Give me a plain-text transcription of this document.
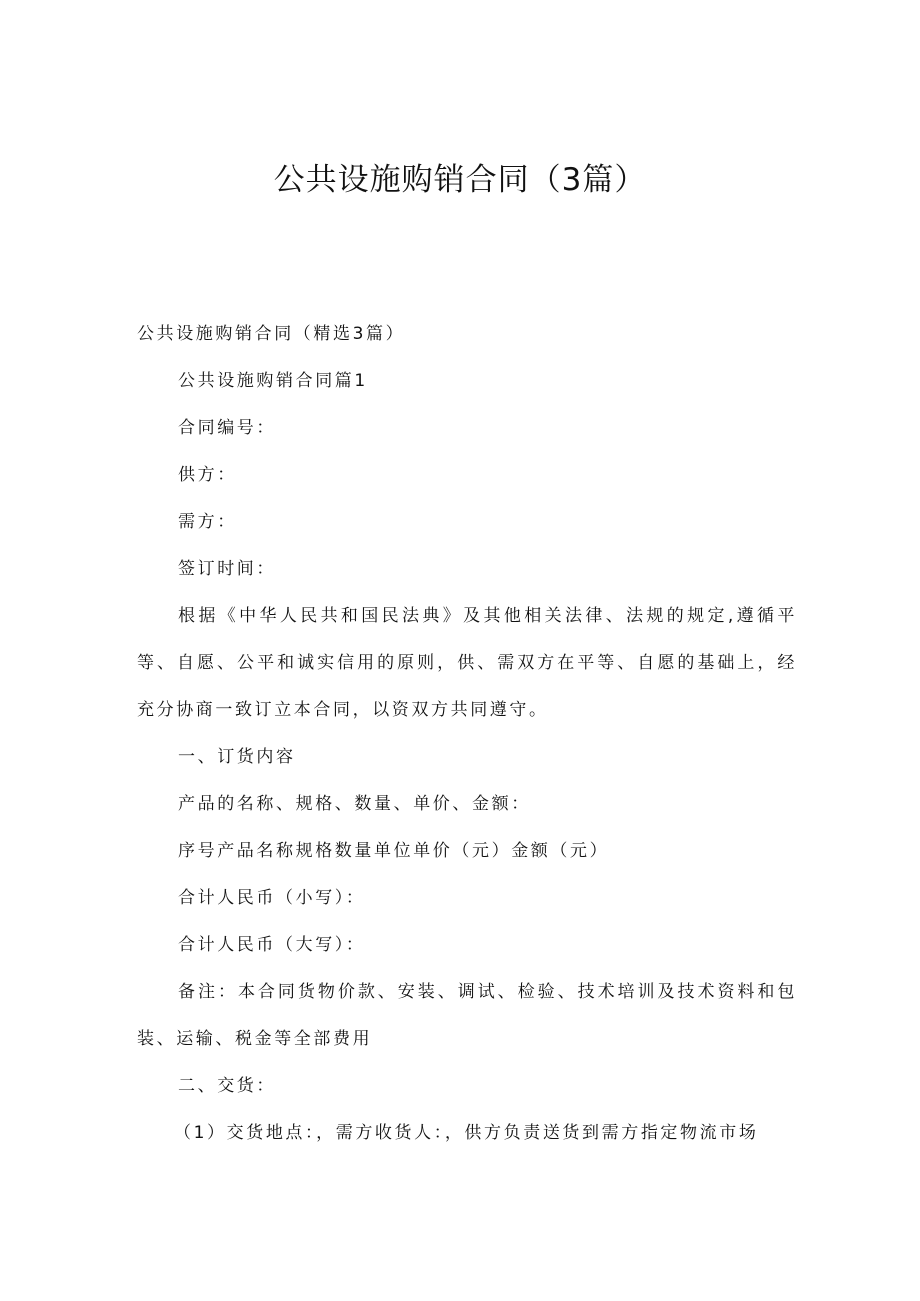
公共设施购销合同（3篇）

公共设施购销合同（精选3篇）

公共设施购销合同篇1

合同编号：

供方：

需方：

签订时间：

根据《中华人民共和国民法典》及其他相关法律、法规的规定,遵循平等、自愿、公平和诚实信用的原则，供、需双方在平等、自愿的基础上，经充分协商一致订立本合同，以资双方共同遵守。

一、订货内容

产品的名称、规格、数量、单价、金额：

序号产品名称规格数量单位单价（元）金额（元）

合计人民币（小写）：

合计人民币（大写）：

备注：本合同货物价款、安装、调试、检验、技术培训及技术资料和包装、运输、税金等全部费用

二、交货：

（1）交货地点：，需方收货人：，供方负责送货到需方指定物流市场
